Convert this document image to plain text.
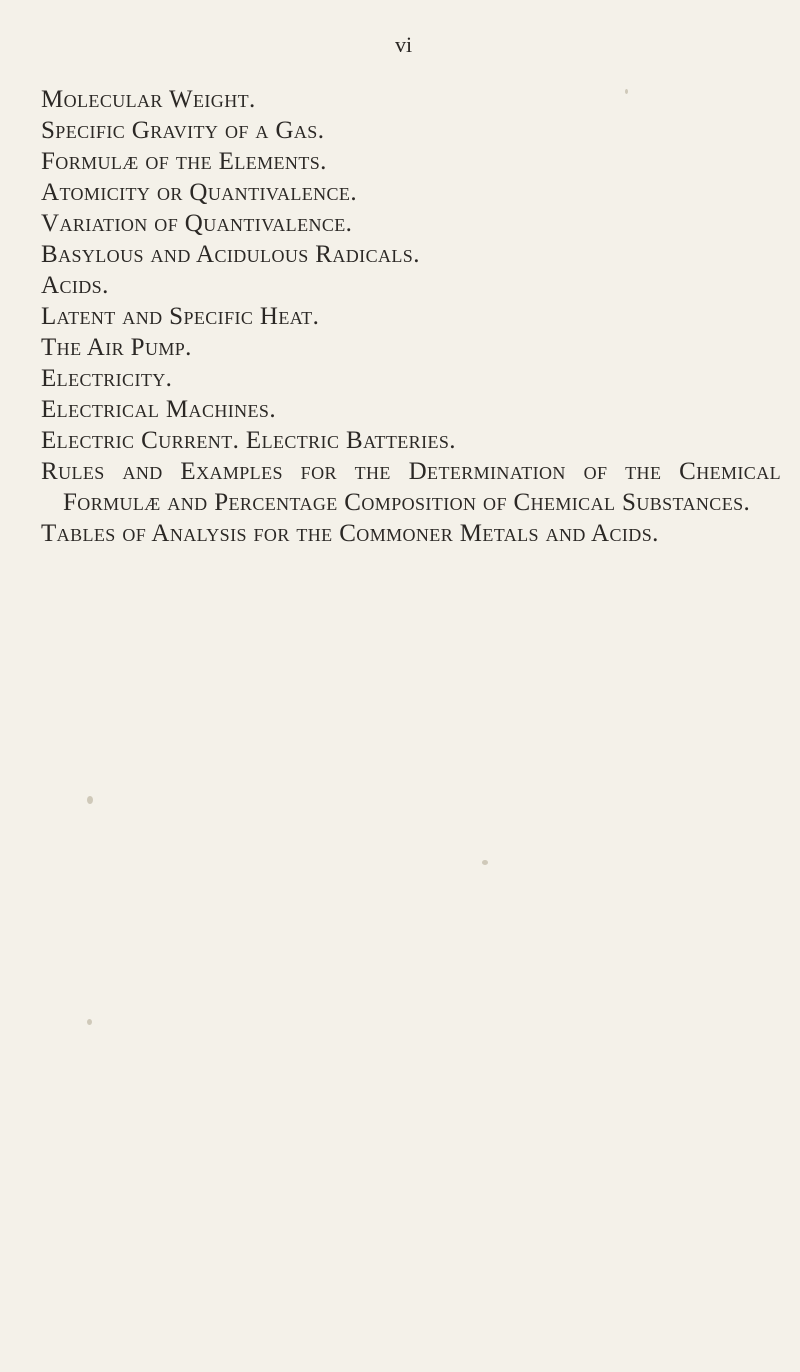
vi

Molecular Weight.
Specific Gravity of a Gas.
Formulæ of the Elements.
Atomicity or Quantivalence.
Variation of Quantivalence.
Basylous and Acidulous Radicals.
Acids.
Latent and Specific Heat.
The Air Pump.
Electricity.
Electrical Machines.
Electric Current. Electric Batteries.
Rules and Examples for the Determination of the Chemical Formulæ and Percentage Composition of Chemical Substances.
Tables of Analysis for the Commoner Metals and Acids.
